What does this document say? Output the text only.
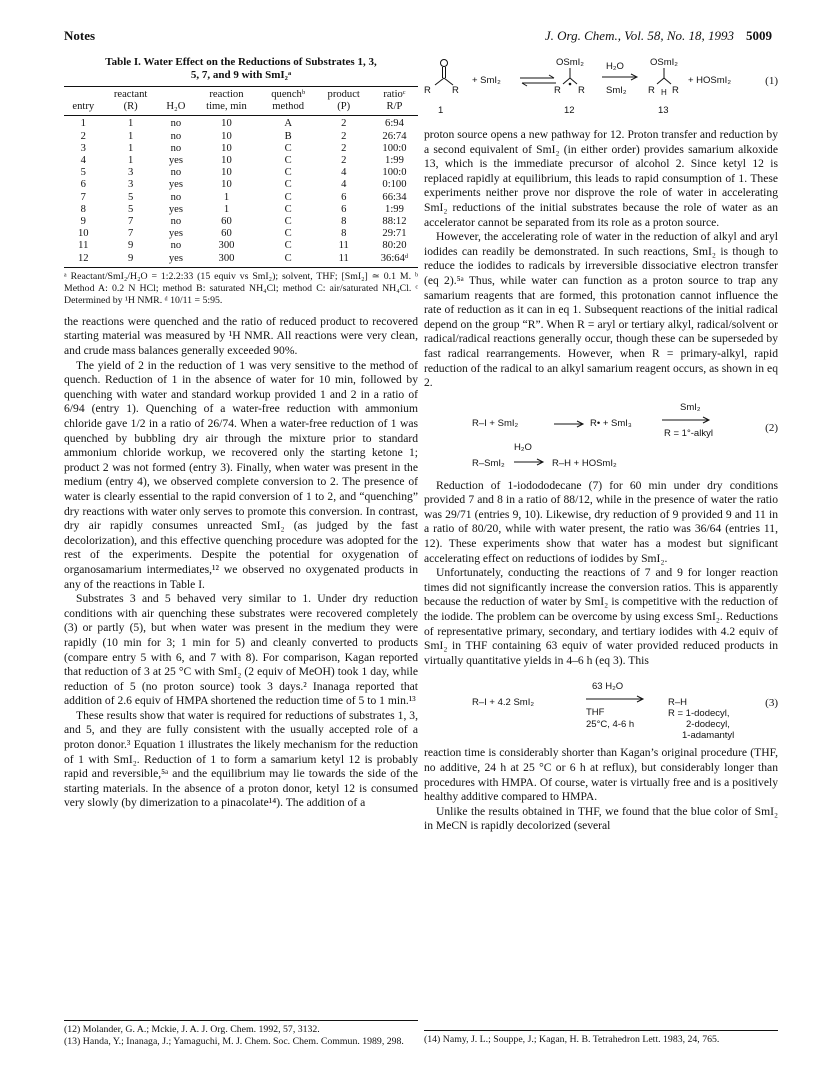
Notes	J. Org. Chem., Vol. 58, No. 18, 1993 5009
Table I. Water Effect on the Reductions of Substrates 1, 3,
5, 7, and 9 with SmI₂ᵃ
	reactant		reaction	quenchᵇ	product	ratioᶜ
entry	(R)	H₂O	time, min	method	(P)	R/P
1	1	no	10	A	2	6:94
2	1	no	10	B	2	26:74
3	1	no	10	C	2	100:0
4	1	yes	10	C	2	1:99
5	3	no	10	C	4	100:0
6	3	yes	10	C	4	0:100
7	5	no	1	C	6	66:34
8	5	yes	1	C	6	1:99
9	7	no	60	C	8	88:12
10	7	yes	60	C	8	29:71
11	9	no	300	C	11	80:20
12	9	yes	300	C	11	36:64ᵈ
ᵃ Reactant/SmI₂/H₂O = 1:2.2:33 (15 equiv vs SmI₂); solvent, THF; [SmI₂] ≃ 0.1 M. ᵇ Method A: 0.2 N HCl; method B: saturated NH₄Cl; method C: air/saturated NH₄Cl. ᶜ Determined by ¹H NMR. ᵈ 10/11 = 5:95.

the reactions were quenched and the ratio of reduced product to recovered starting material was measured by ¹H NMR. All reactions were very clean, and crude mass balances generally exceeded 90%.

The yield of 2 in the reduction of 1 was very sensitive to the method of quench. Reduction of 1 in the absence of water for 10 min, followed by quenching with water and standard workup provided 1 and 2 in a ratio of 6/94 (entry 1). Quenching of a water-free reduction with ammonium chloride gave 1/2 in a ratio of 26/74. When a water-free reduction of 1 was quenched by bubbling dry air through the mixture prior to standard ammonium chloride workup, we recovered only the starting ketone 1; product 2 was not formed (entry 3). Finally, when water was present in the medium (entry 4), we observed complete conversion to 2. The presence of water is clearly essential to the rapid conversion of 1 to 2, and “quenching” dry reactions with water only serves to promote this conversion. In contrast, dry air rapidly consumes unreacted SmI₂ (as judged by the fast decolorization), and this effective quenching procedure was adopted for the rest of the experiments. Despite the potential for oxygenation of organosamarium intermediates,¹² we observed no oxygenated products in any of the reactions in Table I.

Substrates 3 and 5 behaved very similar to 1. Under dry reduction conditions with air quenching these substrates were recovered completely (3) or partly (5), but when water was present in the medium they were rapidly (10 min for 3; 1 min for 5) and cleanly converted to products (compare entry 5 with 6, and 7 with 8). For comparison, Kagan reported that reduction of 3 at 25 °C with SmI₂ (2 equiv of MeOH) took 1 day, while reduction of 5 (no proton source) took 3 days.² Inanaga reported that addition of 2.6 equiv of HMPA shortened the reduction time of 5 to 1 min.¹³

These results show that water is required for reductions of substrates 1, 3, and 5, and they are fully consistent with the usually accepted role of a proton donor.³ Equation 1 illustrates the likely mechanism for the reduction of 1 with SmI₂. Reduction of 1 to form a samarium ketyl 12 is probably rapid and reversible,⁵ᵃ and the equilibrium may lie towards the side of the starting materials. In the absence of a proton donor, ketyl 12 is consumed very slowly (by dimerization to a pinacolate¹⁴). The addition of a

R R
1
+ SmI₂
OSmI₂
R R
12
H₂O
SmI₂
OSmI₂
R H R
13
+ HOSmI₂	(1)

proton source opens a new pathway for 12. Proton transfer and reduction by a second equivalent of SmI₂ (in either order) provides samarium alkoxide 13, which is the immediate precursor of alcohol 2. Since ketyl 12 is replaced rapidly at equilibrium, this leads to rapid consumption of 1. These experiments neither prove nor disprove the role of water in accelerating SmI₂ reductions of the initial substrates because the role of water as an accelerator cannot be separated from its role as a proton source.

However, the accelerating role of water in the reduction of alkyl and aryl iodides can readily be demonstrated. In such reactions, SmI₂ is though to reduce the iodides to radicals by irreversible dissociative electron transfer (eq 2).⁵ᵃ Thus, while water can function as a proton source to trap any samarium reagents that are formed, this protonation cannot influence the rate of reduction as it can in eq 1. Subsequent reactions of the initial radical depend on the group “R”. When R = aryl or tertiary alkyl, radical/solvent or radical/radical reactions generally occur, though these can be superseded by fast radical rearrangements. However, when R = primary-alkyl, rapid reduction of the radical to an alkyl samarium reagent occurs, as shown in eq 2.

R–I + SmI₂	R• + SmI₃
SmI₂
R = 1°-alkyl	(2)
H₂O
R–SmI₂	R–H + HOSmI₂

Reduction of 1-iodododecane (7) for 60 min under dry conditions provided 7 and 8 in a ratio of 88/12, while in the presence of water the ratio was 29/71 (entries 9, 10). Likewise, dry reduction of 9 provided 9 and 11 in a ratio of 80/20, while with water present, the ratio was 36/64 (entries 11, 12). These experiments show that water has a modest but significant accelerating effect on reductions of iodides by SmI₂.

Unfortunately, conducting the reactions of 7 and 9 for longer reaction times did not significantly increase the conversion ratios. This is apparently because the reduction of water by SmI₂ is competitive with the reduction of the iodide. The problem can be overcome by using excess SmI₂. Reductions of representative primary, secondary, and tertiary iodides with 4.2 equiv of SmI₂ in THF containing 63 equiv of water provided reduced products in virtually quantitative yields in 4–6 h (eq 3). This

R–I + 4.2 SmI₂
63 H₂O
THF
25°C, 4-6 h
R–H
R = 1-dodecyl,
2-dodecyl,
1-adamantyl
(3)

reaction time is considerably shorter than Kagan’s original procedure (THF, no additive, 24 h at 25 °C or 6 h at reflux), but considerably longer than procedures with HMPA. Of course, water is virtually free and is a positively healthy additive compared to HMPA.

Unlike the results obtained in THF, we found that the blue color of SmI₂ in MeCN is rapidly decolorized (several

(12) Molander, G. A.; Mckie, J. A. J. Org. Chem. 1992, 57, 3132.
(13) Handa, Y.; Inanaga, J.; Yamaguchi, M. J. Chem. Soc. Chem. Commun. 1989, 298.	(14) Namy, J. L.; Souppe, J.; Kagan, H. B. Tetrahedron Lett. 1983, 24, 765.
